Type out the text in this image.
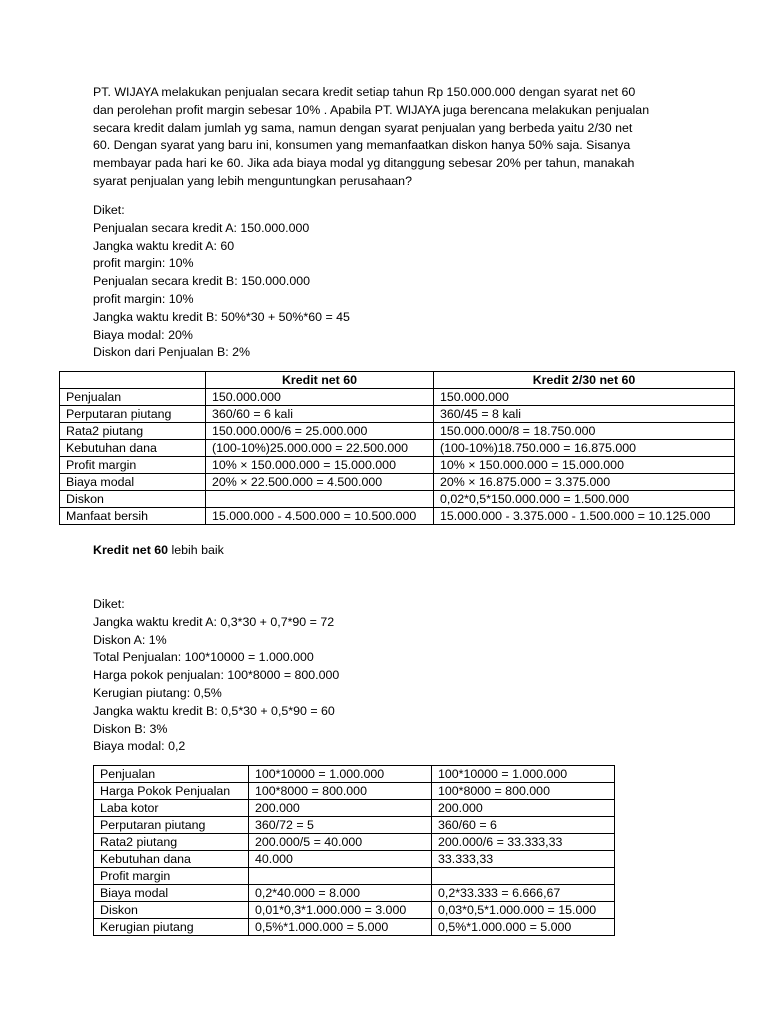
PT. WIJAYA melakukan penjualan secara kredit setiap tahun Rp 150.000.000 dengan syarat net 60

dan perolehan profit margin sebesar 10% . Apabila PT. WIJAYA juga berencana melakukan penjualan

secara kredit dalam jumlah yg sama, namun dengan syarat penjualan yang berbeda yaitu 2/30 net

60. Dengan syarat yang baru ini, konsumen yang memanfaatkan diskon hanya 50% saja. Sisanya

membayar pada hari ke 60. Jika ada biaya modal yg ditanggung sebesar 20% per tahun, manakah

syarat penjualan yang lebih menguntungkan perusahaan?

Diket:

Penjualan secara kredit A: 150.000.000

Jangka waktu kredit A: 60

profit margin: 10%

Penjualan secara kredit B: 150.000.000

profit margin: 10%

Jangka waktu kredit B: 50%*30 + 50%*60 = 45

Biaya modal: 20%

Diskon dari Penjualan B: 2%

	Kredit net 60	Kredit 2/30 net 60
Penjualan	150.000.000	150.000.000
Perputaran piutang	360/60 = 6 kali	360/45 = 8 kali
Rata2 piutang	150.000.000/6 = 25.000.000	150.000.000/8 = 18.750.000
Kebutuhan dana	(100-10%)25.000.000 = 22.500.000	(100-10%)18.750.000 = 16.875.000
Profit margin	10% × 150.000.000 = 15.000.000	10% × 150.000.000 = 15.000.000
Biaya modal	20% × 22.500.000 = 4.500.000	20% × 16.875.000 = 3.375.000
Diskon		0,02*0,5*150.000.000 = 1.500.000
Manfaat bersih	15.000.000 - 4.500.000 = 10.500.000	15.000.000 - 3.375.000 - 1.500.000 = 10.125.000
Kredit net 60 lebih baik

Diket:

Jangka waktu kredit A: 0,3*30 + 0,7*90 = 72

Diskon A: 1%

Total Penjualan: 100*10000 = 1.000.000

Harga pokok penjualan: 100*8000 = 800.000

Kerugian piutang: 0,5%

Jangka waktu kredit B: 0,5*30 + 0,5*90 = 60

Diskon B: 3%

Biaya modal: 0,2

Penjualan	100*10000 = 1.000.000	100*10000 = 1.000.000
Harga Pokok Penjualan	100*8000 = 800.000	100*8000 = 800.000
Laba kotor	200.000	200.000
Perputaran piutang	360/72 = 5	360/60 = 6
Rata2 piutang	200.000/5 = 40.000	200.000/6 = 33.333,33
Kebutuhan dana	40.000	33.333,33
Profit margin		
Biaya modal	0,2*40.000 = 8.000	0,2*33.333 = 6.666,67
Diskon	0,01*0,3*1.000.000 = 3.000	0,03*0,5*1.000.000 = 15.000
Kerugian piutang	0,5%*1.000.000 = 5.000	0,5%*1.000.000 = 5.000
